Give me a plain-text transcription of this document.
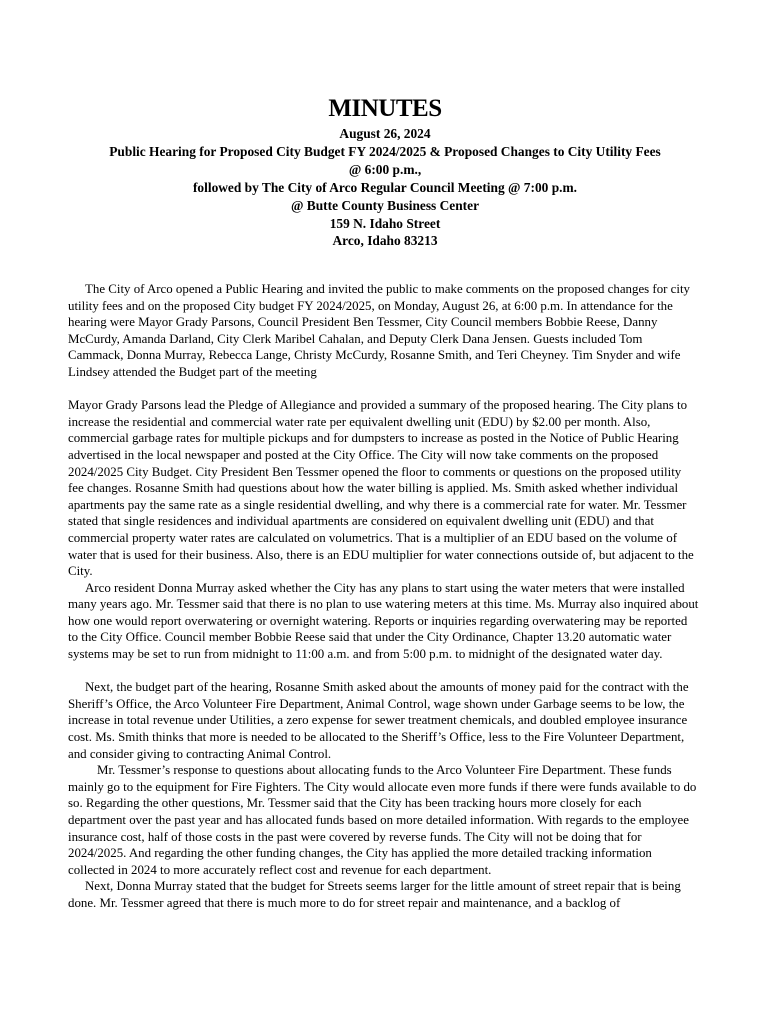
MINUTES
August 26, 2024
Public Hearing for Proposed City Budget FY 2024/2025 & Proposed Changes to City Utility Fees
@ 6:00 p.m.,
followed by The City of Arco Regular Council Meeting @ 7:00 p.m.
@ Butte County Business Center
159 N. Idaho Street
Arco, Idaho 83213

The City of Arco opened a Public Hearing and invited the public to make comments on the proposed changes for city utility fees and on the proposed City budget FY 2024/2025, on Monday, August 26, at 6:00 p.m. In attendance for the hearing were Mayor Grady Parsons, Council President Ben Tessmer, City Council members Bobbie Reese, Danny McCurdy, Amanda Darland, City Clerk Maribel Cahalan, and Deputy Clerk Dana Jensen. Guests included Tom Cammack, Donna Murray, Rebecca Lange, Christy McCurdy, Rosanne Smith, and Teri Cheyney. Tim Snyder and wife Lindsey attended the Budget part of the meeting

Mayor Grady Parsons lead the Pledge of Allegiance and provided a summary of the proposed hearing. The City plans to increase the residential and commercial water rate per equivalent dwelling unit (EDU) by $2.00 per month. Also, commercial garbage rates for multiple pickups and for dumpsters to increase as posted in the Notice of Public Hearing advertised in the local newspaper and posted at the City Office. The City will now take comments on the proposed 2024/2025 City Budget. City President Ben Tessmer opened the floor to comments or questions on the proposed utility fee changes. Rosanne Smith had questions about how the water billing is applied. Ms. Smith asked whether individual apartments pay the same rate as a single residential dwelling, and why there is a commercial rate for water. Mr. Tessmer stated that single residences and individual apartments are considered on equivalent dwelling unit (EDU) and that commercial property water rates are calculated on volumetrics. That is a multiplier of an EDU based on the volume of water that is used for their business. Also, there is an EDU multiplier for water connections outside of, but adjacent to the City.

Arco resident Donna Murray asked whether the City has any plans to start using the water meters that were installed many years ago. Mr. Tessmer said that there is no plan to use watering meters at this time. Ms. Murray also inquired about how one would report overwatering or overnight watering. Reports or inquiries regarding overwatering may be reported to the City Office. Council member Bobbie Reese said that under the City Ordinance, Chapter 13.20 automatic water systems may be set to run from midnight to 11:00 a.m. and from 5:00 p.m. to midnight of the designated water day.

Next, the budget part of the hearing, Rosanne Smith asked about the amounts of money paid for the contract with the Sheriff’s Office, the Arco Volunteer Fire Department, Animal Control, wage shown under Garbage seems to be low, the increase in total revenue under Utilities, a zero expense for sewer treatment chemicals, and doubled employee insurance cost. Ms. Smith thinks that more is needed to be allocated to the Sheriff’s Office, less to the Fire Volunteer Department, and consider giving to contracting Animal Control.

Mr. Tessmer’s response to questions about allocating funds to the Arco Volunteer Fire Department. These funds mainly go to the equipment for Fire Fighters. The City would allocate even more funds if there were funds available to do so. Regarding the other questions, Mr. Tessmer said that the City has been tracking hours more closely for each department over the past year and has allocated funds based on more detailed information. With regards to the employee insurance cost, half of those costs in the past were covered by reverse funds. The City will not be doing that for 2024/2025. And regarding the other funding changes, the City has applied the more detailed tracking information collected in 2024 to more accurately reflect cost and revenue for each department.

Next, Donna Murray stated that the budget for Streets seems larger for the little amount of street repair that is being done. Mr. Tessmer agreed that there is much more to do for street repair and maintenance, and a backlog of
